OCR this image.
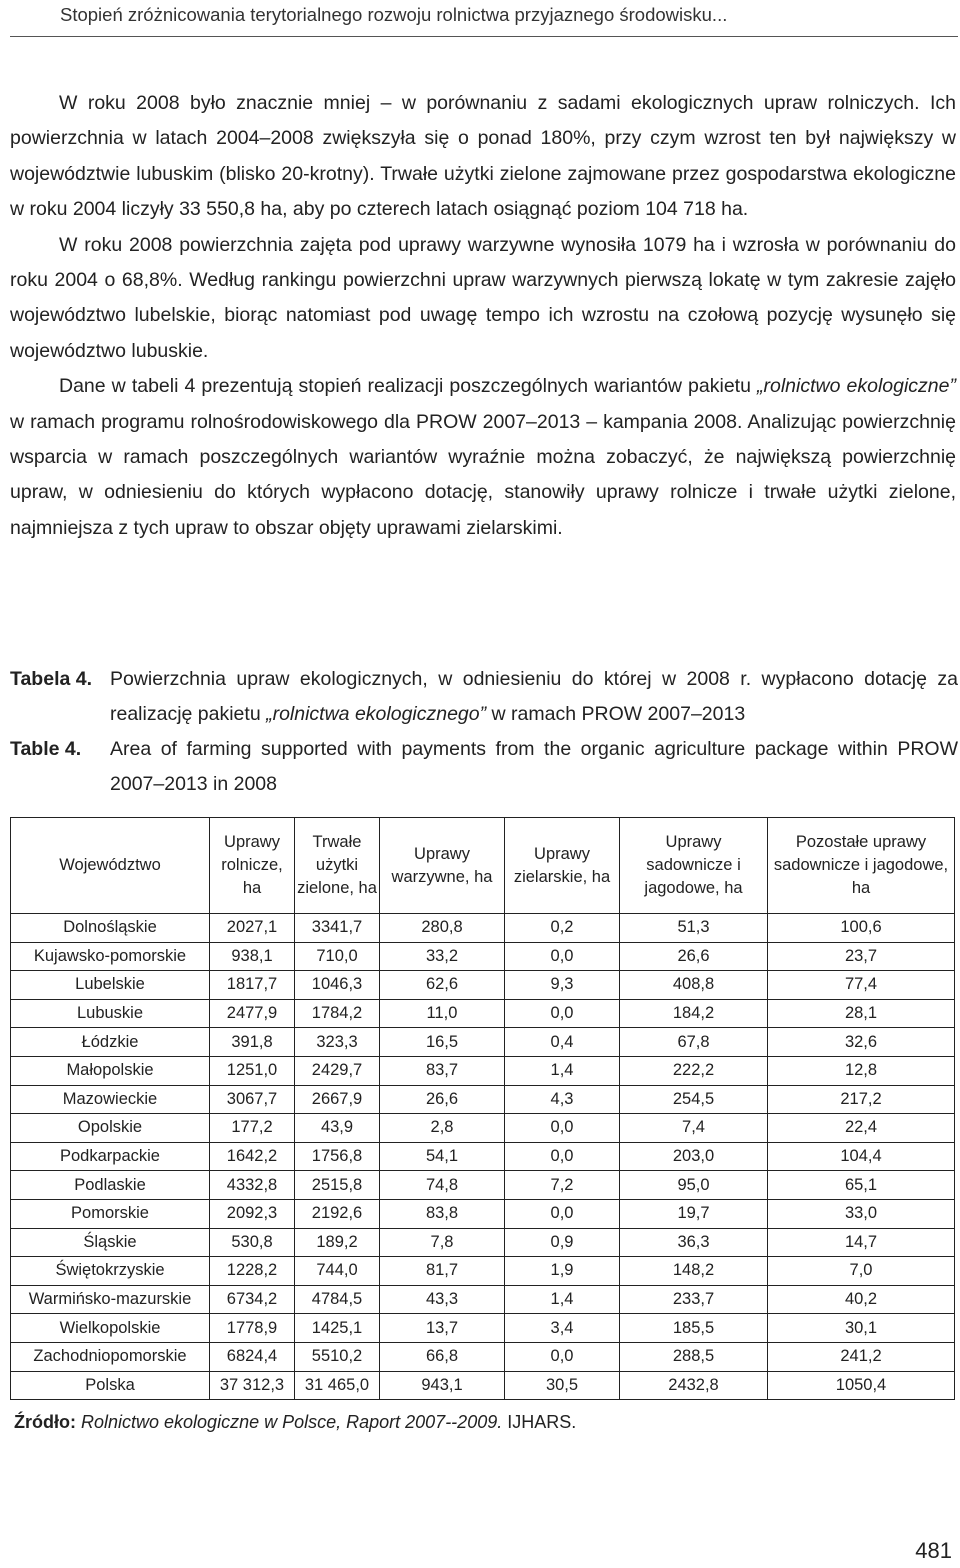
Stopień zróżnicowania terytorialnego rozwoju rolnictwa przyjaznego środowisku...

W roku 2008 było znacznie mniej – w porównaniu z sadami ekologicznych upraw rolniczych. Ich powierzchnia w latach 2004–2008 zwiększyła się o ponad 180%, przy czym wzrost ten był największy w województwie lubuskim (blisko 20-krotny). Trwałe użytki zielone zajmowane przez gospodarstwa ekologiczne w roku 2004 liczyły 33 550,8 ha, aby po czterech latach osiągnąć poziom 104 718 ha.

W roku 2008 powierzchnia zajęta pod uprawy warzywne wynosiła 1079 ha i wzrosła w porównaniu do roku 2004 o 68,8%. Według rankingu powierzchni upraw warzywnych pierwszą lokatę w tym zakresie zajęło województwo lubelskie, biorąc natomiast pod uwagę tempo ich wzrostu na czołową pozycję wysunęło się województwo lubuskie.

Dane w tabeli 4 prezentują stopień realizacji poszczególnych wariantów pakietu „rolnictwo ekologiczne” w ramach programu rolnośrodowiskowego dla PROW 2007–2013 – kampania 2008. Analizując powierzchnię wsparcia w ramach poszczególnych wariantów wyraźnie można zobaczyć, że największą powierzchnię upraw, w odniesieniu do których wypłacono dotację, stanowiły uprawy rolnicze i trwałe użytki zielone, najmniejsza z tych upraw to obszar objęty uprawami zielarskimi.

Tabela 4. Powierzchnia upraw ekologicznych, w odniesieniu do której w 2008 r. wypłacono dotację za realizację pakietu „rolnictwa ekologicznego” w ramach PROW 2007–2013
Table 4.	Area of farming supported with payments from the organic agriculture package within PROW 2007–2013 in 2008
Województwo	Uprawy rolnicze, ha	Trwałe użytki zielone, ha	Uprawy warzywne, ha	Uprawy zielarskie, ha	Uprawy sadownicze i jagodowe, ha	Pozostałe uprawy sadownicze i jagodowe, ha
Dolnośląskie	2027,1	3341,7	280,8	0,2	51,3	100,6
Kujawsko-pomorskie	938,1	710,0	33,2	0,0	26,6	23,7
Lubelskie	1817,7	1046,3	62,6	9,3	408,8	77,4
Lubuskie	2477,9	1784,2	11,0	0,0	184,2	28,1
Łódzkie	391,8	323,3	16,5	0,4	67,8	32,6
Małopolskie	1251,0	2429,7	83,7	1,4	222,2	12,8
Mazowieckie	3067,7	2667,9	26,6	4,3	254,5	217,2
Opolskie	177,2	43,9	2,8	0,0	7,4	22,4
Podkarpackie	1642,2	1756,8	54,1	0,0	203,0	104,4
Podlaskie	4332,8	2515,8	74,8	7,2	95,0	65,1
Pomorskie	2092,3	2192,6	83,8	0,0	19,7	33,0
Śląskie	530,8	189,2	7,8	0,9	36,3	14,7
Świętokrzyskie	1228,2	744,0	81,7	1,9	148,2	7,0
Warmińsko-mazurskie	6734,2	4784,5	43,3	1,4	233,7	40,2
Wielkopolskie	1778,9	1425,1	13,7	3,4	185,5	30,1
Zachodniopomorskie	6824,4	5510,2	66,8	0,0	288,5	241,2
Polska	37 312,3	31 465,0	943,1	30,5	2432,8	1050,4
Źródło: Rolnictwo ekologiczne w Polsce, Raport 2007--2009. IJHARS.
481
